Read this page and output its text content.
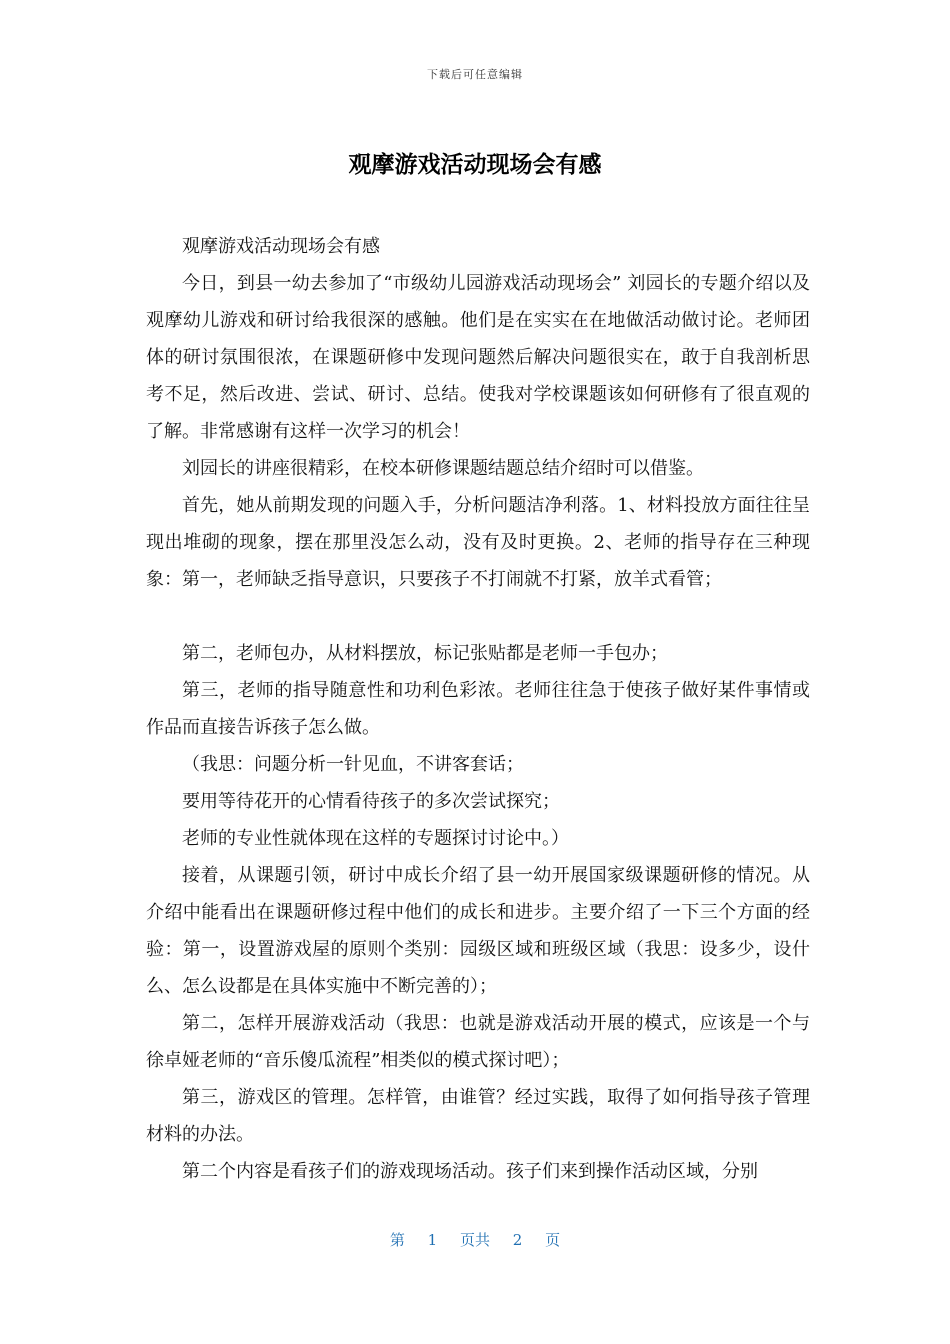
下载后可任意编辑
观摩游戏活动现场会有感

观摩游戏活动现场会有感

今日，到县一幼去参加了“市级幼儿园游戏活动现场会” 刘园长的专题介绍以及观摩幼儿游戏和研讨给我很深的感触。他们是在实实在在地做活动做讨论。老师团体的研讨氛围很浓，在课题研修中发现问题然后解决问题很实在，敢于自我剖析思考不足，然后改进、尝试、研讨、总结。使我对学校课题该如何研修有了很直观的了解。非常感谢有这样一次学习的机会！

刘园长的讲座很精彩，在校本研修课题结题总结介绍时可以借鉴。

首先，她从前期发现的问题入手，分析问题洁净利落。1、材料投放方面往往呈现出堆砌的现象，摆在那里没怎么动，没有及时更换。2、老师的指导存在三种现象：第一，老师缺乏指导意识，只要孩子不打闹就不打紧，放羊式看管；

第二，老师包办，从材料摆放，标记张贴都是老师一手包办；

第三，老师的指导随意性和功利色彩浓。老师往往急于使孩子做好某件事情或作品而直接告诉孩子怎么做。

（我思：问题分析一针见血，不讲客套话；

要用等待花开的心情看待孩子的多次尝试探究；

老师的专业性就体现在这样的专题探讨讨论中。）

接着，从课题引领，研讨中成长介绍了县一幼开展国家级课题研修的情况。从介绍中能看出在课题研修过程中他们的成长和进步。主要介绍了一下三个方面的经验：第一，设置游戏屋的原则个类别：园级区域和班级区域（我思：设多少，设什么、怎么设都是在具体实施中不断完善的）；

第二，怎样开展游戏活动（我思：也就是游戏活动开展的模式，应该是一个与徐卓娅老师的“音乐傻瓜流程”相类似的模式探讨吧）；

第三，游戏区的管理。怎样管，由谁管？经过实践，取得了如何指导孩子管理材料的办法。

第二个内容是看孩子们的游戏现场活动。孩子们来到操作活动区域，分别

第 1 页共 2 页
